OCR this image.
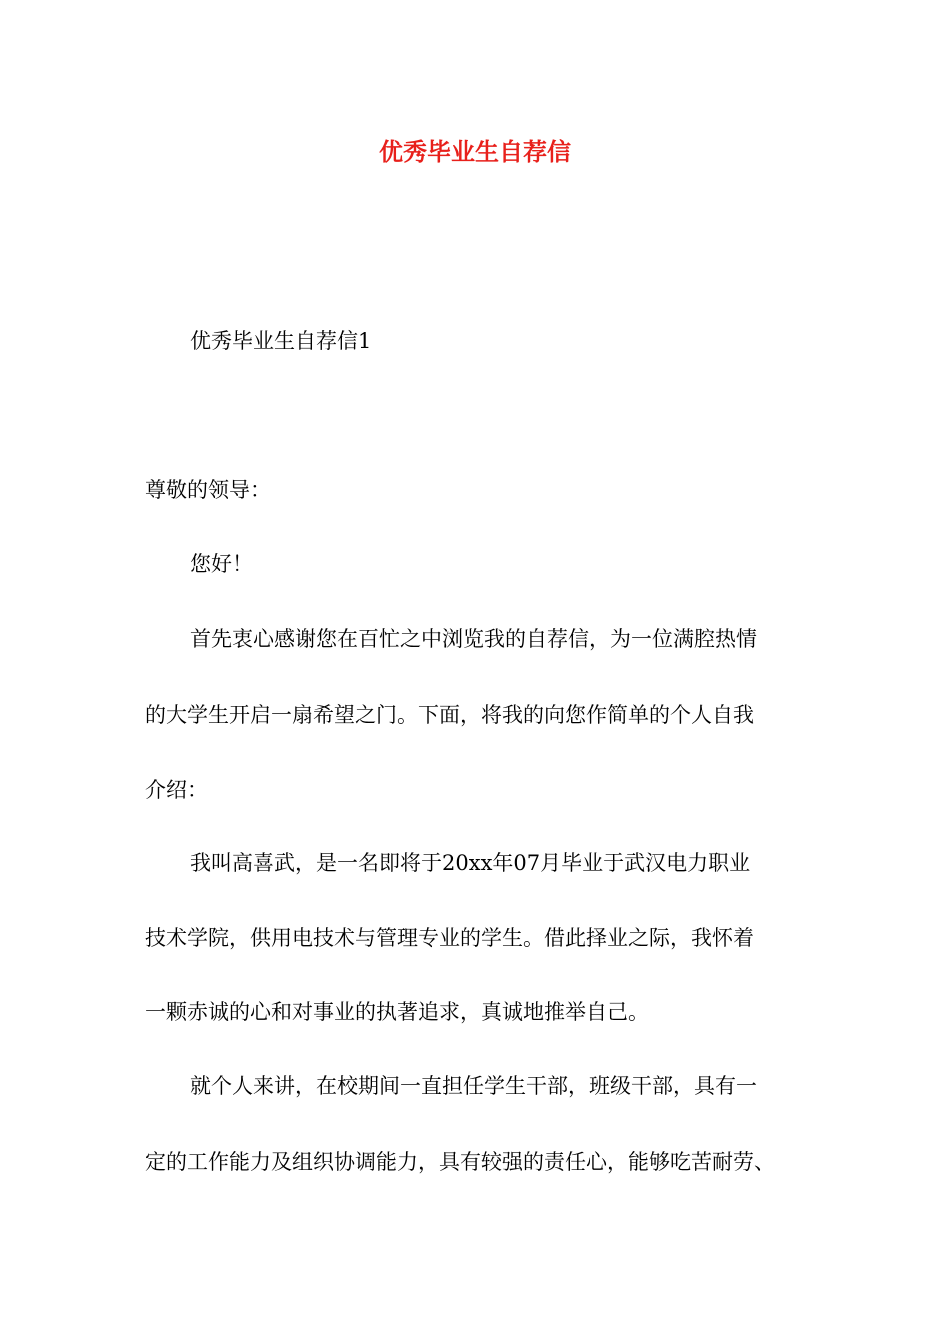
优秀毕业生自荐信
优秀毕业生自荐信1
尊敬的领导：
您好！
首先衷心感谢您在百忙之中浏览我的自荐信，为一位满腔热情
的大学生开启一扇希望之门。下面，将我的向您作简单的个人自我
介绍：
我叫高喜武，是一名即将于20xx年07月毕业于武汉电力职业
技术学院，供用电技术与管理专业的学生。借此择业之际，我怀着
一颗赤诚的心和对事业的执著追求，真诚地推举自己。
就个人来讲，在校期间一直担任学生干部，班级干部，具有一
定的工作能力及组织协调能力，具有较强的责任心，能够吃苦耐劳、
